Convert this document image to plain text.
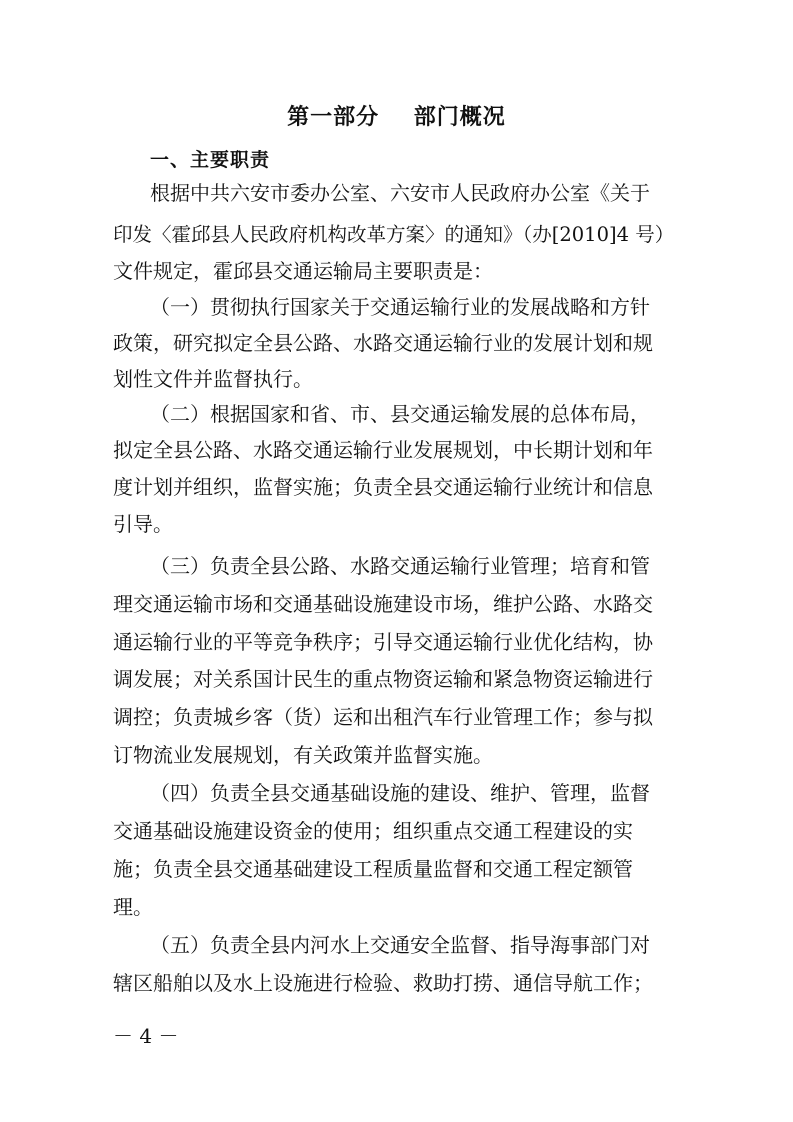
第一部分    部门概况
一、主要职责
根据中共六安市委办公室、六安市人民政府办公室《关于
印发〈霍邱县人民政府机构改革方案〉的通知》（办[2010]4 号）
文件规定，霍邱县交通运输局主要职责是：
（一）贯彻执行国家关于交通运输行业的发展战略和方针
政策，研究拟定全县公路、水路交通运输行业的发展计划和规
划性文件并监督执行。
（二）根据国家和省、市、县交通运输发展的总体布局，
拟定全县公路、水路交通运输行业发展规划，中长期计划和年
度计划并组织，监督实施；负责全县交通运输行业统计和信息
引导。
（三）负责全县公路、水路交通运输行业管理；培育和管
理交通运输市场和交通基础设施建设市场，维护公路、水路交
通运输行业的平等竞争秩序；引导交通运输行业优化结构，协
调发展；对关系国计民生的重点物资运输和紧急物资运输进行
调控；负责城乡客（货）运和出租汽车行业管理工作；参与拟
订物流业发展规划，有关政策并监督实施。
（四）负责全县交通基础设施的建设、维护、管理，监督
交通基础设施建设资金的使用；组织重点交通工程建设的实
施；负责全县交通基础建设工程质量监督和交通工程定额管
理。
（五）负责全县内河水上交通安全监督、指导海事部门对
辖区船舶以及水上设施进行检验、救助打捞、通信导航工作；
－ 4 －
